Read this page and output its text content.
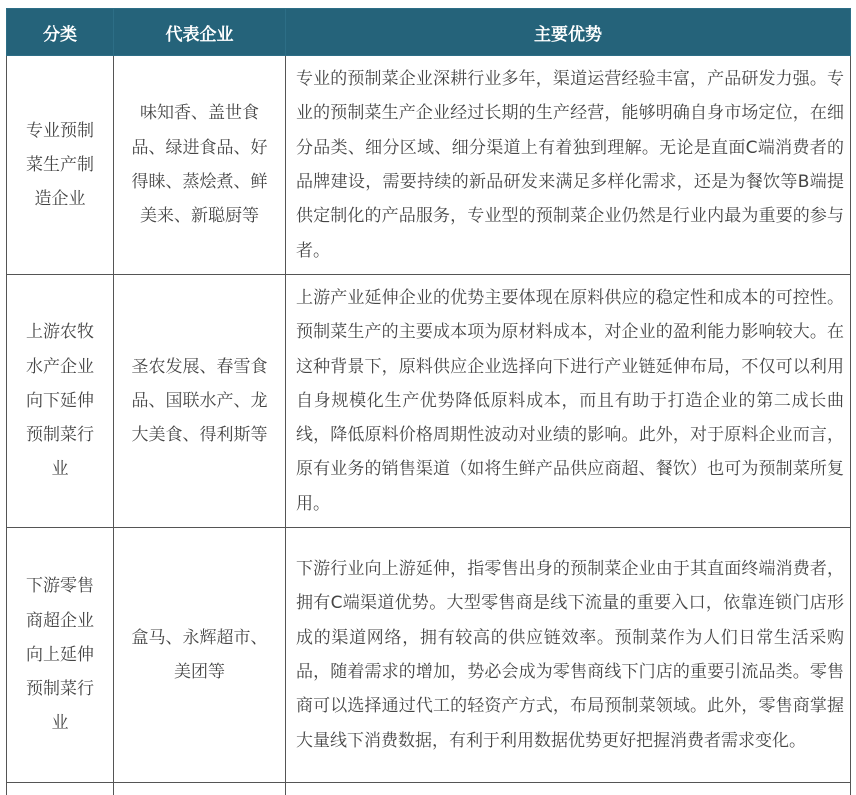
分类	代表企业	主要优势
专业预制菜生产制造企业	味知香、盖世食品、绿进食品、好得睐、蒸烩煮、鲜美来、新聪厨等	专业的预制菜企业深耕行业多年，渠道运营经验丰富，产品研发力强。专业的预制菜生产企业经过长期的生产经营，能够明确自身市场定位，在细分品类、细分区域、细分渠道上有着独到理解。无论是直面C端消费者的品牌建设，需要持续的新品研发来满足多样化需求，还是为餐饮等B端提供定制化的产品服务，专业型的预制菜企业仍然是行业内最为重要的参与者。
上游农牧水产企业向下延伸预制菜行业	圣农发展、春雪食品、国联水产、龙大美食、得利斯等	上游产业延伸企业的优势主要体现在原料供应的稳定性和成本的可控性。预制菜生产的主要成本项为原材料成本，对企业的盈利能力影响较大。在这种背景下，原料供应企业选择向下进行产业链延伸布局，不仅可以利用自身规模化生产优势降低原料成本，而且有助于打造企业的第二成长曲线，降低原料价格周期性波动对业绩的影响。此外，对于原料企业而言，原有业务的销售渠道（如将生鲜产品供应商超、餐饮）也可为预制菜所复用。
下游零售商超企业向上延伸预制菜行业	盒马、永辉超市、美团等	下游行业向上游延伸，指零售出身的预制菜企业由于其直面终端消费者，拥有C端渠道优势。大型零售商是线下流量的重要入口，依靠连锁门店形成的渠道网络，拥有较高的供应链效率。预制菜作为人们日常生活采购品，随着需求的增加，势必会成为零售商线下门店的重要引流品类。零售商可以选择通过代工的轻资产方式，布局预制菜领域。此外，零售商掌握大量线下消费数据，有利于利用数据优势更好把握消费者需求变化。
